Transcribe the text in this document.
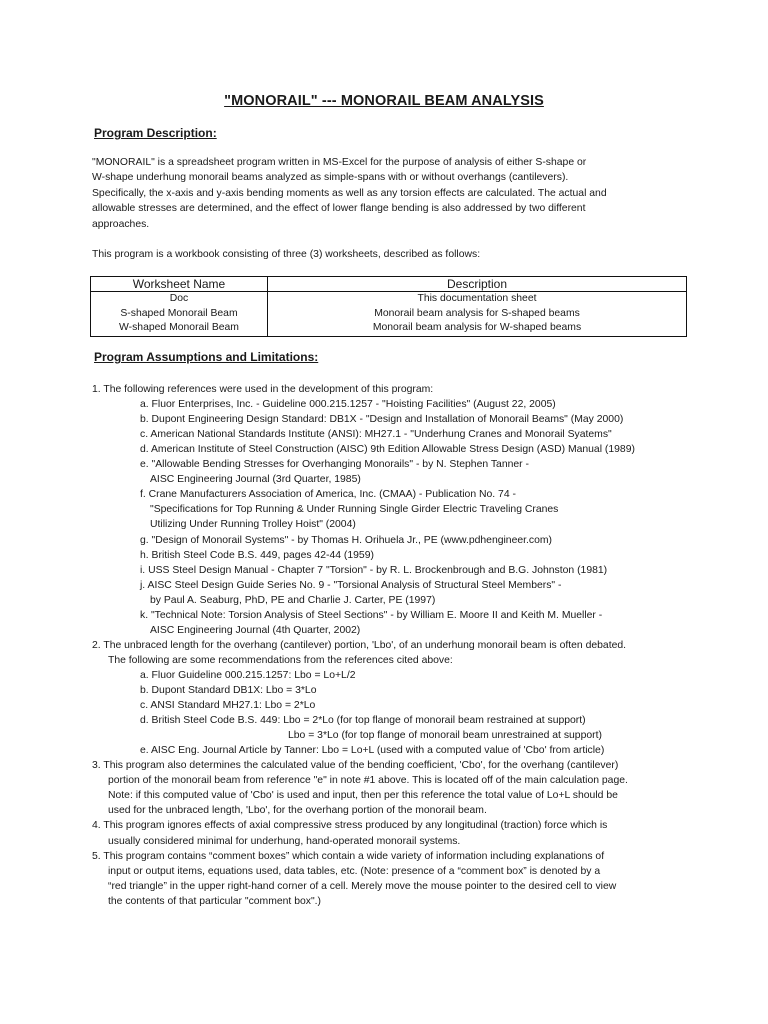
"MONORAIL" --- MONORAIL BEAM ANALYSIS
Program Description:
"MONORAIL" is a spreadsheet program written in MS-Excel for the purpose of analysis of either S-shape or
W-shape underhung monorail beams analyzed as simple-spans with or without overhangs (cantilevers).
Specifically, the x-axis and y-axis bending moments as well as any torsion effects are calculated. The actual and
allowable stresses are determined, and the effect of lower flange bending is also addressed by two different
approaches.
This program is a workbook consisting of three (3) worksheets, described as follows:
Worksheet Name	Description
Doc	This documentation sheet
S-shaped Monorail Beam	Monorail beam analysis for S-shaped beams
W-shaped Monorail Beam	Monorail beam analysis for W-shaped beams
Program Assumptions and Limitations:
1. The following references were used in the development of this program:
a. Fluor Enterprises, Inc. - Guideline 000.215.1257 - "Hoisting Facilities" (August 22, 2005)
b. Dupont Engineering Design Standard: DB1X - "Design and Installation of Monorail Beams" (May 2000)
c. American National Standards Institute (ANSI): MH27.1 - "Underhung Cranes and Monorail Syatems"
d. American Institute of Steel Construction (AISC) 9th Edition Allowable Stress Design (ASD) Manual (1989)
e. "Allowable Bending Stresses for Overhanging Monorails" - by N. Stephen Tanner -
AISC Engineering Journal (3rd Quarter, 1985)
f. Crane Manufacturers Association of America, Inc. (CMAA) - Publication No. 74 -
"Specifications for Top Running & Under Running Single Girder Electric Traveling Cranes
Utilizing Under Running Trolley Hoist" (2004)
g. "Design of Monorail Systems" - by Thomas H. Orihuela Jr., PE (www.pdhengineer.com)
h. British Steel Code B.S. 449, pages 42-44 (1959)
i. USS Steel Design Manual - Chapter 7 "Torsion" - by R. L. Brockenbrough and B.G. Johnston (1981)
j. AISC Steel Design Guide Series No. 9 - "Torsional Analysis of Structural Steel Members" -
by Paul A. Seaburg, PhD, PE and Charlie J. Carter, PE (1997)
k. "Technical Note: Torsion Analysis of Steel Sections" - by William E. Moore II and Keith M. Mueller -
AISC Engineering Journal (4th Quarter, 2002)
2. The unbraced length for the overhang (cantilever) portion, 'Lbo', of an underhung monorail beam is often debated.
The following are some recommendations from the references cited above:
a. Fluor Guideline 000.215.1257: Lbo = Lo+L/2
b. Dupont Standard DB1X: Lbo = 3*Lo
c. ANSI Standard MH27.1: Lbo = 2*Lo
d. British Steel Code B.S. 449: Lbo = 2*Lo (for top flange of monorail beam restrained at support)
Lbo = 3*Lo (for top flange of monorail beam unrestrained at support)
e. AISC Eng. Journal Article by Tanner: Lbo = Lo+L (used with a computed value of 'Cbo' from article)
3. This program also determines the calculated value of the bending coefficient, 'Cbo', for the overhang (cantilever)
portion of the monorail beam from reference "e" in note #1 above. This is located off of the main calculation page.
Note: if this computed value of 'Cbo' is used and input, then per this reference the total value of Lo+L should be
used for the unbraced length, 'Lbo', for the overhang portion of the monorail beam.
4. This program ignores effects of axial compressive stress produced by any longitudinal (traction) force which is
usually considered minimal for underhung, hand-operated monorail systems.
5. This program contains “comment boxes” which contain a wide variety of information including explanations of
input or output items, equations used, data tables, etc. (Note: presence of a “comment box” is denoted by a
“red triangle” in the upper right-hand corner of a cell. Merely move the mouse pointer to the desired cell to view
the contents of that particular "comment box".)
